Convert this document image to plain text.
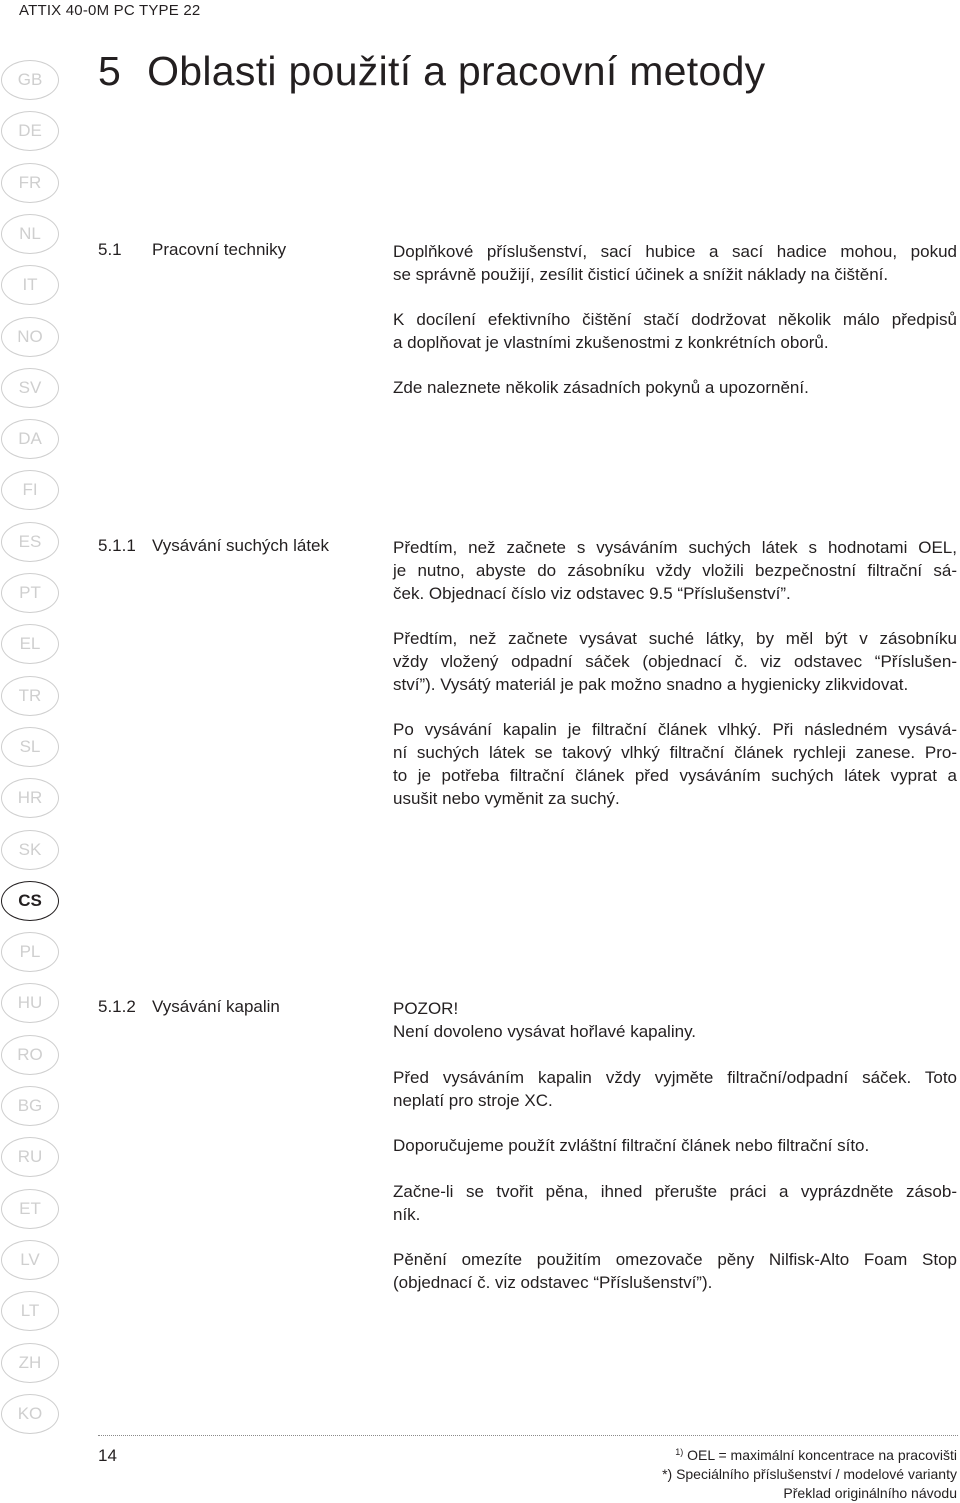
ATTIX 40-0M PC TYPE 22
5 Oblasti použití a pracovní metody
GB
DE
FR
NL
IT
NO
SV
DA
FI
ES
PT
EL
TR
SL
HR
SK
CS
PL
HU
RO
BG
RU
ET
LV
LT
ZH
KO
5.1 Pracovní techniky	Doplňkové příslušenství, sací hubice a sací hadice mohou, pokud
se správně použijí, zesílit čisticí účinek a snížit náklady na čištění.
K docílení efektivního čištění stačí dodržovat několik málo předpisů
a doplňovat je vlastními zkušenostmi z konkrétních oborů.
Zde naleznete několik zásadních pokynů a upozornění.
5.1.1 Vysávání suchých látek	Předtím, než začnete s vysáváním suchých látek s hodnotami OEL,
je nutno, abyste do zásobníku vždy vložili bezpečnostní filtrační sá-
ček. Objednací číslo viz odstavec 9.5 “Příslušenství”.
Předtím, než začnete vysávat suché látky, by měl být v zásobníku
vždy vložený odpadní sáček (objednací č. viz odstavec “Příslušen-
ství”). Vysátý materiál je pak možno snadno a hygienicky zlikvidovat.
Po vysávání kapalin je filtrační článek vlhký. Při následném vysává-
ní suchých látek se takový vlhký filtrační článek rychleji zanese. Pro-
to je potřeba filtrační článek před vysáváním suchých látek vyprat a
usušit nebo vyměnit za suchý.
5.1.2 Vysávání kapalin	POZOR!
Není dovoleno vysávat hořlavé kapaliny.
Před vysáváním kapalin vždy vyjměte filtrační/odpadní sáček. Toto
neplatí pro stroje XC.
Doporučujeme použít zvláštní filtrační článek nebo filtrační síto.
Začne-li se tvořit pěna, ihned přerušte práci a vyprázdněte zásob-
ník.
Pěnění omezíte použitím omezovače pěny Nilfisk-Alto Foam Stop
(objednací č. viz odstavec “Příslušenství”).
14	$^{1)}$ OEL = maximální koncentrace na pracovišti
*) Speciálního příslušenství / modelové varianty
Překlad originálního návodu
